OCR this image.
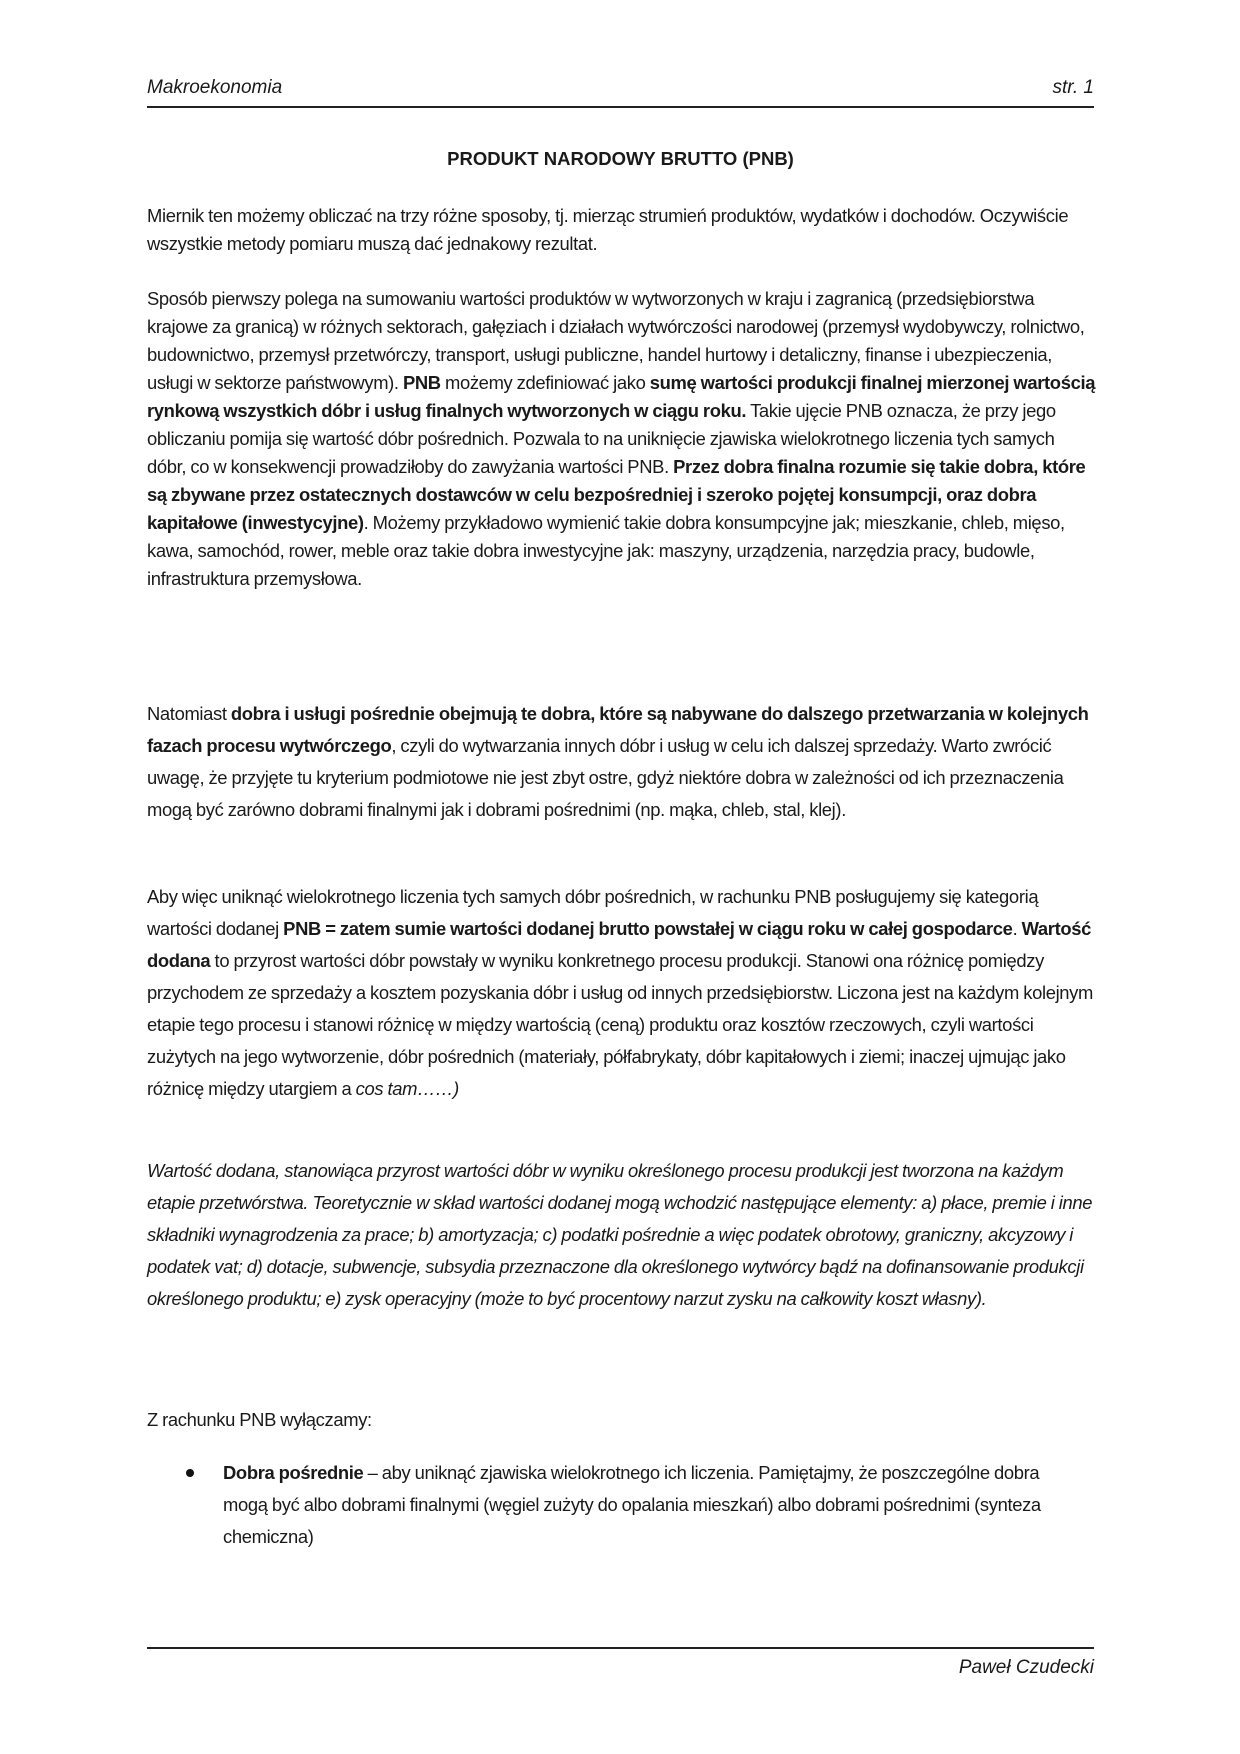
Makroekonomia	str. 1
PRODUKT NARODOWY BRUTTO (PNB)

Miernik ten możemy obliczać na trzy różne sposoby, tj. mierząc strumień produktów, wydatków i dochodów. Oczywiście wszystkie metody pomiaru muszą dać jednakowy rezultat.

Sposób pierwszy polega na sumowaniu wartości produktów w wytworzonych w kraju i zagranicą (przedsiębiorstwa krajowe za granicą) w różnych sektorach, gałęziach i działach wytwórczości narodowej (przemysł wydobywczy, rolnictwo, budownictwo, przemysł przetwórczy, transport, usługi publiczne, handel hurtowy i detaliczny, finanse i ubezpieczenia, usługi w sektorze państwowym). PNB możemy zdefiniować jako sumę wartości produkcji finalnej mierzonej wartością rynkową wszystkich dóbr i usług finalnych wytworzonych w ciągu roku. Takie ujęcie PNB oznacza, że przy jego obliczaniu pomija się wartość dóbr pośrednich. Pozwala to na uniknięcie zjawiska wielokrotnego liczenia tych samych dóbr, co w konsekwencji prowadziłoby do zawyżania wartości PNB. Przez dobra finalna rozumie się takie dobra, które są zbywane przez ostatecznych dostawców w celu bezpośredniej i szeroko pojętej konsumpcji, oraz dobra kapitałowe (inwestycyjne). Możemy przykładowo wymienić takie dobra konsumpcyjne jak; mieszkanie, chleb, mięso, kawa, samochód, rower, meble oraz takie dobra inwestycyjne jak: maszyny, urządzenia, narzędzia pracy, budowle, infrastruktura przemysłowa.

Natomiast dobra i usługi pośrednie obejmują te dobra, które są nabywane do dalszego przetwarzania w kolejnych fazach procesu wytwórczego, czyli do wytwarzania innych dóbr i usług w celu ich dalszej sprzedaży. Warto zwrócić uwagę, że przyjęte tu kryterium podmiotowe nie jest zbyt ostre, gdyż niektóre dobra w zależności od ich przeznaczenia mogą być zarówno dobrami finalnymi jak i dobrami pośrednimi (np. mąka, chleb, stal, klej).

Aby więc uniknąć wielokrotnego liczenia tych samych dóbr pośrednich, w rachunku PNB posługujemy się kategorią wartości dodanej PNB = zatem sumie wartości dodanej brutto powstałej w ciągu roku w całej gospodarce. Wartość dodana to przyrost wartości dóbr powstały w wyniku konkretnego procesu produkcji. Stanowi ona różnicę pomiędzy przychodem ze sprzedaży a kosztem pozyskania dóbr i usług od innych przedsiębiorstw. Liczona jest na każdym kolejnym etapie tego procesu i stanowi różnicę w między wartością (ceną) produktu oraz kosztów rzeczowych, czyli wartości zużytych na jego wytworzenie, dóbr pośrednich (materiały, półfabrykaty, dóbr kapitałowych i ziemi; inaczej ujmując jako różnicę między utargiem a cos tam……)

Wartość dodana, stanowiąca przyrost wartości dóbr w wyniku określonego procesu produkcji jest tworzona na każdym etapie przetwórstwa. Teoretycznie w skład wartości dodanej mogą wchodzić następujące elementy: a) płace, premie i inne składniki wynagrodzenia za prace; b) amortyzacja; c) podatki pośrednie a więc podatek obrotowy, graniczny, akcyzowy i podatek vat; d) dotacje, subwencje, subsydia przeznaczone dla określonego wytwórcy bądź na dofinansowanie produkcji określonego produktu; e) zysk operacyjny (może to być procentowy narzut zysku na całkowity koszt własny).

Z rachunku PNB wyłączamy:

Dobra pośrednie – aby uniknąć zjawiska wielokrotnego ich liczenia. Pamiętajmy, że poszczególne dobra mogą być albo dobrami finalnymi (węgiel zużyty do opalania mieszkań) albo dobrami pośrednimi (synteza chemiczna)
Paweł Czudecki
